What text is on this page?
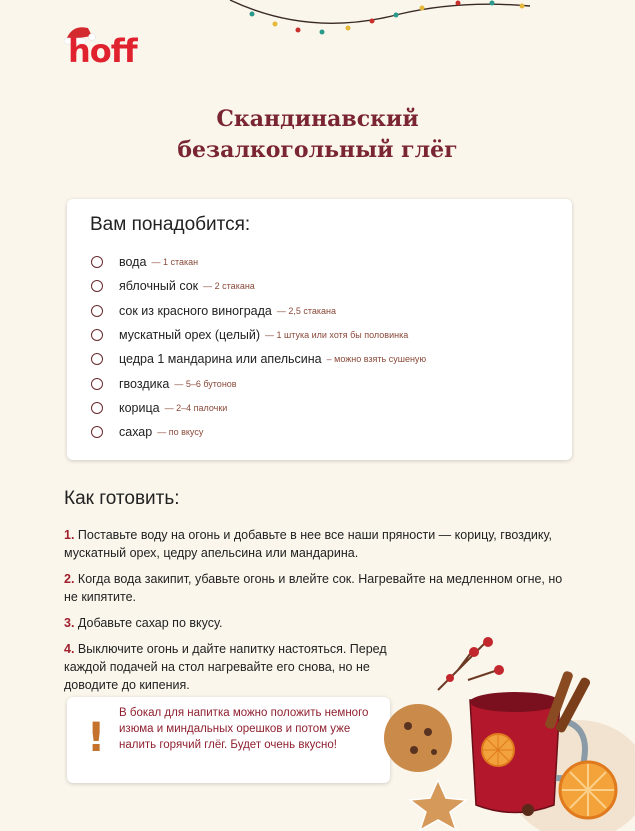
hoff
Скандинавский
безалкогольный глёг
Вам понадобится:
вода — 1 стакан
яблочный сок — 2 стакана
сок из красного винограда — 2,5 стакана
мускатный орех (целый) — 1 штука или хотя бы половинка
цедра 1 мандарина или апельсина – можно взять сушеную
гвоздика — 5–6 бутонов
корица — 2–4 палочки
сахар — по вкусу
Как готовить:

1. Поставьте воду на огонь и добавьте в нее все наши пряности — корицу, гвоздику, мускатный орех, цедру апельсина или мандарина.

2. Когда вода закипит, убавьте огонь и влейте сок. Нагревайте на медленном огне, но не кипятите.

3. Добавьте сахар по вкусу.

4. Выключите огонь и дайте напитку настояться. Перед каждой подачей на стол нагревайте его снова, но не доводите до кипения.

!
В бокал для напитка можно положить немного изюма и миндальных орешков и потом уже налить горячий глёг. Будет очень вкусно!
